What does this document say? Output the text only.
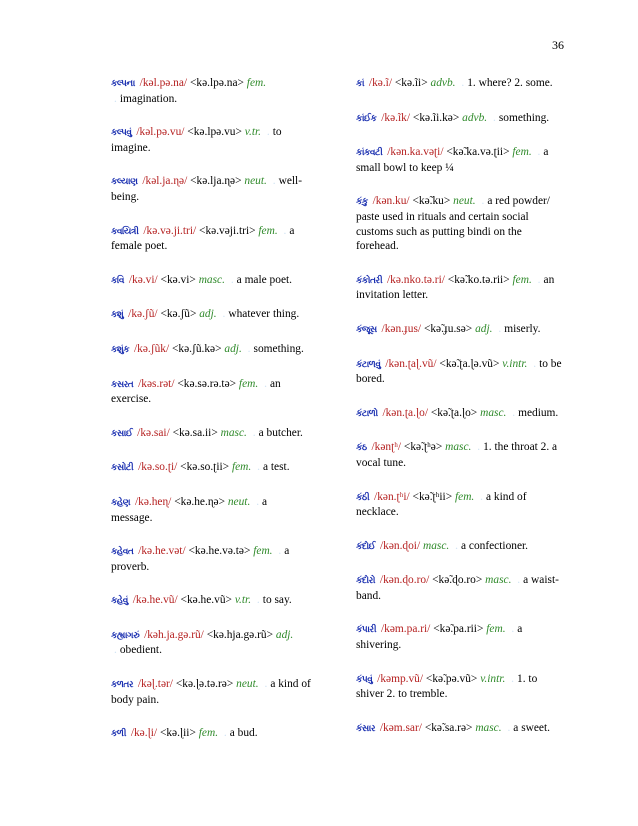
36

કલ્પના /kəl.pə.na/ <kə.lpə.na> fem. . imagination.

કલ્પવું /kəl.pə.vu/ <kə.lpə.vu> v.tr. . to imagine.

કલ્યાણ /kəl.ja.ɳə/ <kə.lja.ɳə> neut. . well-being.

કવયિત્રી /kə.və.ji.tri/ <kə.vəji.tri> fem. . a female poet.

કવિ /kə.vi/ <kə.vi> masc. . a male poet.

કશું /kə.ʃũ/ <kə.ʃũ> adj. . whatever thing.

કશુંક /kə.ʃũk/ <kə.ʃũ.kə> adj. . something.

કસરત /kəs.rət/ <kə.sə.rə.tə> fem. . an exercise.

કસાઈ /kə.sai/ <kə.sa.ii> masc. . a butcher.

કસોટી /kə.so.ʈi/ <kə.so.ʈii> fem. . a test.

કહેણ /kə.heɳ/ <kə.he.ɳə> neut. . a message.

કહેવત /kə.he.vət/ <kə.he.və.tə> fem. . a proverb.

કહેવું /kə.he.vũ/ <kə.he.vũ> v.tr. . to say.

કહ્યાગરું /kəh.ja.gə.rũ/ <kə.hja.gə.rũ> adj. . obedient.

કળતર /kəɭ.tər/ <kə.ɭə.tə.rə> neut. . a kind of body pain.

કળી /kə.ɭi/ <kə.ɭii> fem. . a bud.

કાં /kə.ĩ/ <kə.ĩi> advb. . 1. where? 2. some.

કાંઈક /kə.ĩk/ <kə.ĩi.kə> advb. . something.

કાંકવટી /kən.ka.vəʈi/ <kə̃.ka.və.ʈii> fem. . a small bowl to keep ¼

કંકુ /kən.ku/ <kə̃.ku> neut. . a red powder/ paste used in rituals and certain social customs such as putting bindi on the forehead.

કંકોતરી /kə.nko.tə.ri/ <kə̃.ko.tə.rii> fem. . an invitation letter.

કંજૂસ /kən.ɟus/ <kə̃.ɟu.sə> adj. . miserly.

કંટાળવું /kən.ʈaɭ.vũ/ <kə̃.ʈa.ɭə.vũ> v.intr. . to be bored.

કંટાળો /kən.ʈa.ɭo/ <kə̃.ʈa.ɭo> masc. . medium.

કંઠ /kənʈʰ/ <kə̃.ʈʰə> masc. . 1. the throat 2. a vocal tune.

કંઠી /kən.ʈʰi/ <kə̃.ʈʰii> fem. . a kind of necklace.

કંદોઈ /kən.ɖoi/ masc. . a confectioner.

કંદોરો /kən.ɖo.ro/ <kə̃.ɖo.ro> masc. . a waist-band.

કંપારી /kəm.pa.ri/ <kə̃.pa.rii> fem. . a shivering.

કંપવું /kəmp.vũ/ <kə̃.pə.vũ> v.intr. . 1. to shiver 2. to tremble.

કંસાર /kəm.sar/ <kə̃.sa.rə> masc. . a sweet.
